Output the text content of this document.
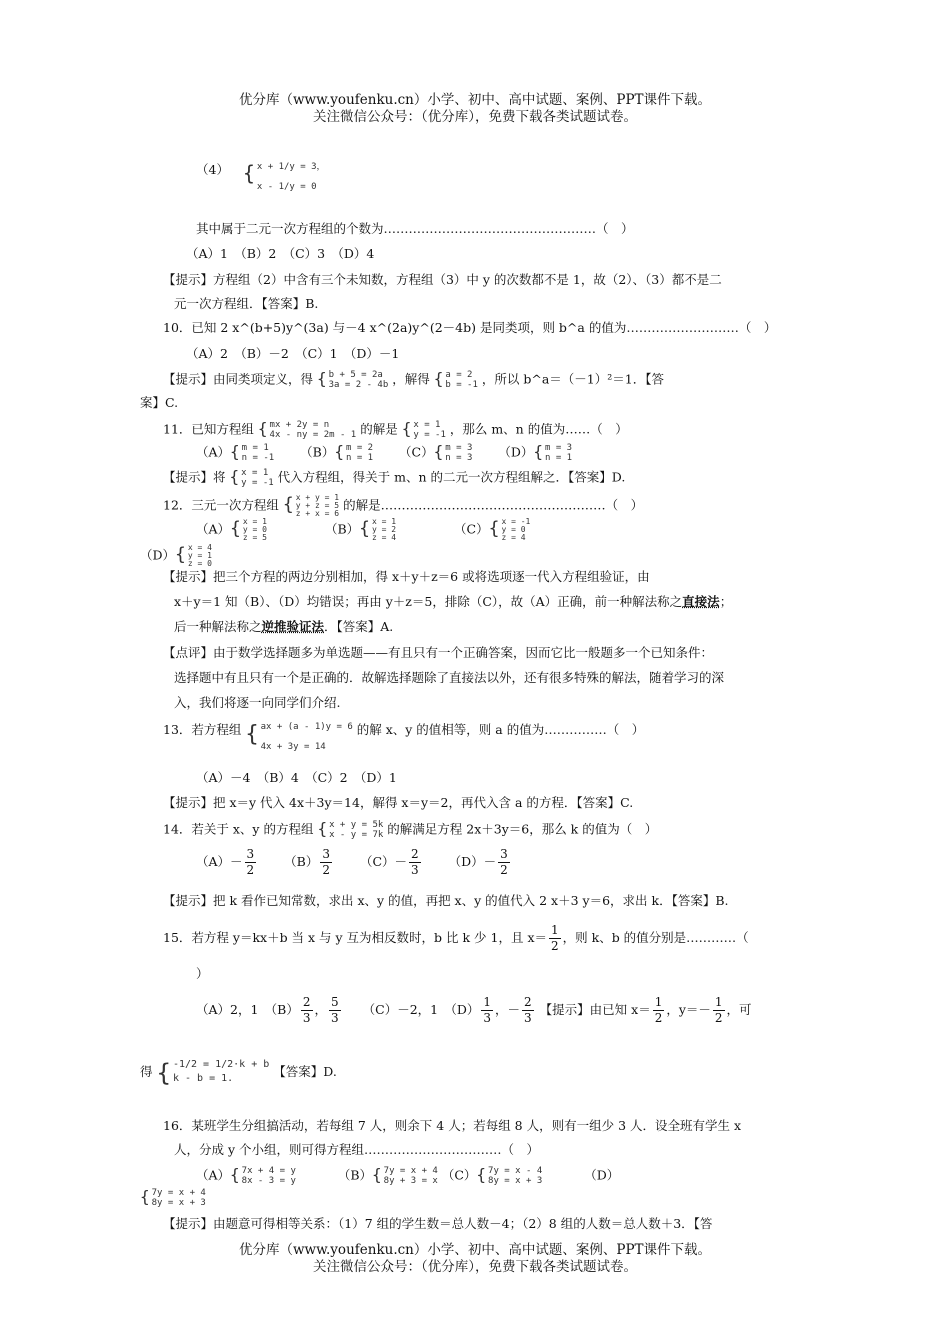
优分库（www.youfenku.cn）小学、初中、高中试题、案例、PPT课件下载。
关注微信公众号：（优分库），免费下载各类试题试卷。
（4） { x + 1/y = 3，

x - 1/y = 0

其中属于二元一次方程组的个数为……………………………………………（　）
（A）1　（B）2　（C）3　（D）4
【提示】方程组（2）中含有三个未知数，方程组（3）中 y 的次数都不是 1，故（2）、（3）都不是二
元一次方程组．【答案】B.
10．已知 2 x^(b+5)y^(3a) 与－4 x^(2a)y^(2－4b) 是同类项，则 b^a 的值为………………………（　）
（A）2　（B）－2　（C）1　（D）－1
【提示】由同类项定义，得 { b + 5 = 2a
3a = 2 - 4b ，解得 { a = 2
b = -1 ，所以 b^a＝（－1）²＝1．【答
案】C.
11．已知方程组 { mx + 2y = n
4x - ny = 2m - 1 的解是 { x = 1
y = -1 ，那么 m、n 的值为……（　）
（A）{ m = 1
n = -1 （B）{ m = 2
n = 1 （C）{ m = 3
n = 3 （D）{ m = 3
n = 1
【提示】将 { x = 1
y = -1 代入方程组，得关于 m、n 的二元一次方程组解之．【答案】D.
12．三元一次方程组 { x + y = 1
y + z = 5
z + x = 6 的解是………………………………………………（　）
（A）{ x = 1
y = 0
z = 5  （B）{ x = 1
y = 2
z = 4  （C）{ x = -1
y = 0
z = 4
（D）{ x = 4
y = 1
z = 0
【提示】把三个方程的两边分别相加，得 x＋y＋z＝6 或将选项逐一代入方程组验证，由
x＋y＝1 知（B）、（D）均错误；再由 y＋z＝5，排除（C），故（A）正确，前一种解法称之直接法；
后一种解法称之逆推验证法．【答案】A.
【点评】由于数学选择题多为单选题——有且只有一个正确答案，因而它比一般题多一个已知条件：
选择题中有且只有一个是正确的．故解选择题除了直接法以外，还有很多特殊的解法，随着学习的深
入，我们将逐一向同学们介绍.
13．若方程组 { ax + (a - 1)y = 6

4x + 3y = 14 的解 x、y 的值相等，则 a 的值为……………（　）
（A）－4　（B）4　（C）2　（D）1
【提示】把 x＝y 代入 4x＋3y＝14，解得 x＝y＝2，再代入含 a 的方程．【答案】C.
14．若关于 x、y 的方程组 { x + y = 5k
x - y = 7k 的解满足方程 2x＋3y＝6，那么 k 的值为（　）
$(A)- \frac{3}{2} (B) \frac{3}{2} (C)- \frac{2}{3} (D)- \frac{3}{2}$
【提示】把 k 看作已知常数，求出 x、y 的值，再把 x、y 的值代入 2 x＋3 y＝6，求出 k．【答案】B.
15．若方程 y＝kx＋b 当 x 与 y 互为相反数时，b 比 k 少 1，且 $x= \frac{1}{2}$ ，则 k、b 的值分别是…………（
）
（A）2，1　$(B) \frac{2}{3}$ ， $\frac{5}{3} (C)-2$，1　$(D) \frac{1}{3}$ ，－ $\frac{2}{3}$ 【提示】由已知 $x= \frac{1}{2}$ ，$y=- \frac{1}{2}$ ，可
得 { -1/2 = 1/2·k + b
k - b = 1.	【答案】D.
16．某班学生分组搞活动，若每组 7 人，则余下 4 人；若每组 8 人，则有一组少 3 人．设全班有学生 x
人，分成 y 个小组，则可得方程组……………………………（　）
（A）{ 7x + 4 = y
8x - 3 = y	（B）{ 7y = x + 4
8y + 3 = x （C）{ 7y = x - 4
8y = x + 3	（D）
{ 7y = x + 4
8y = x + 3
【提示】由题意可得相等关系：（1）7 组的学生数＝总人数－4；（2）8 组的人数＝总人数＋3．【答
优分库（www.youfenku.cn）小学、初中、高中试题、案例、PPT课件下载。
关注微信公众号：（优分库），免费下载各类试题试卷。
